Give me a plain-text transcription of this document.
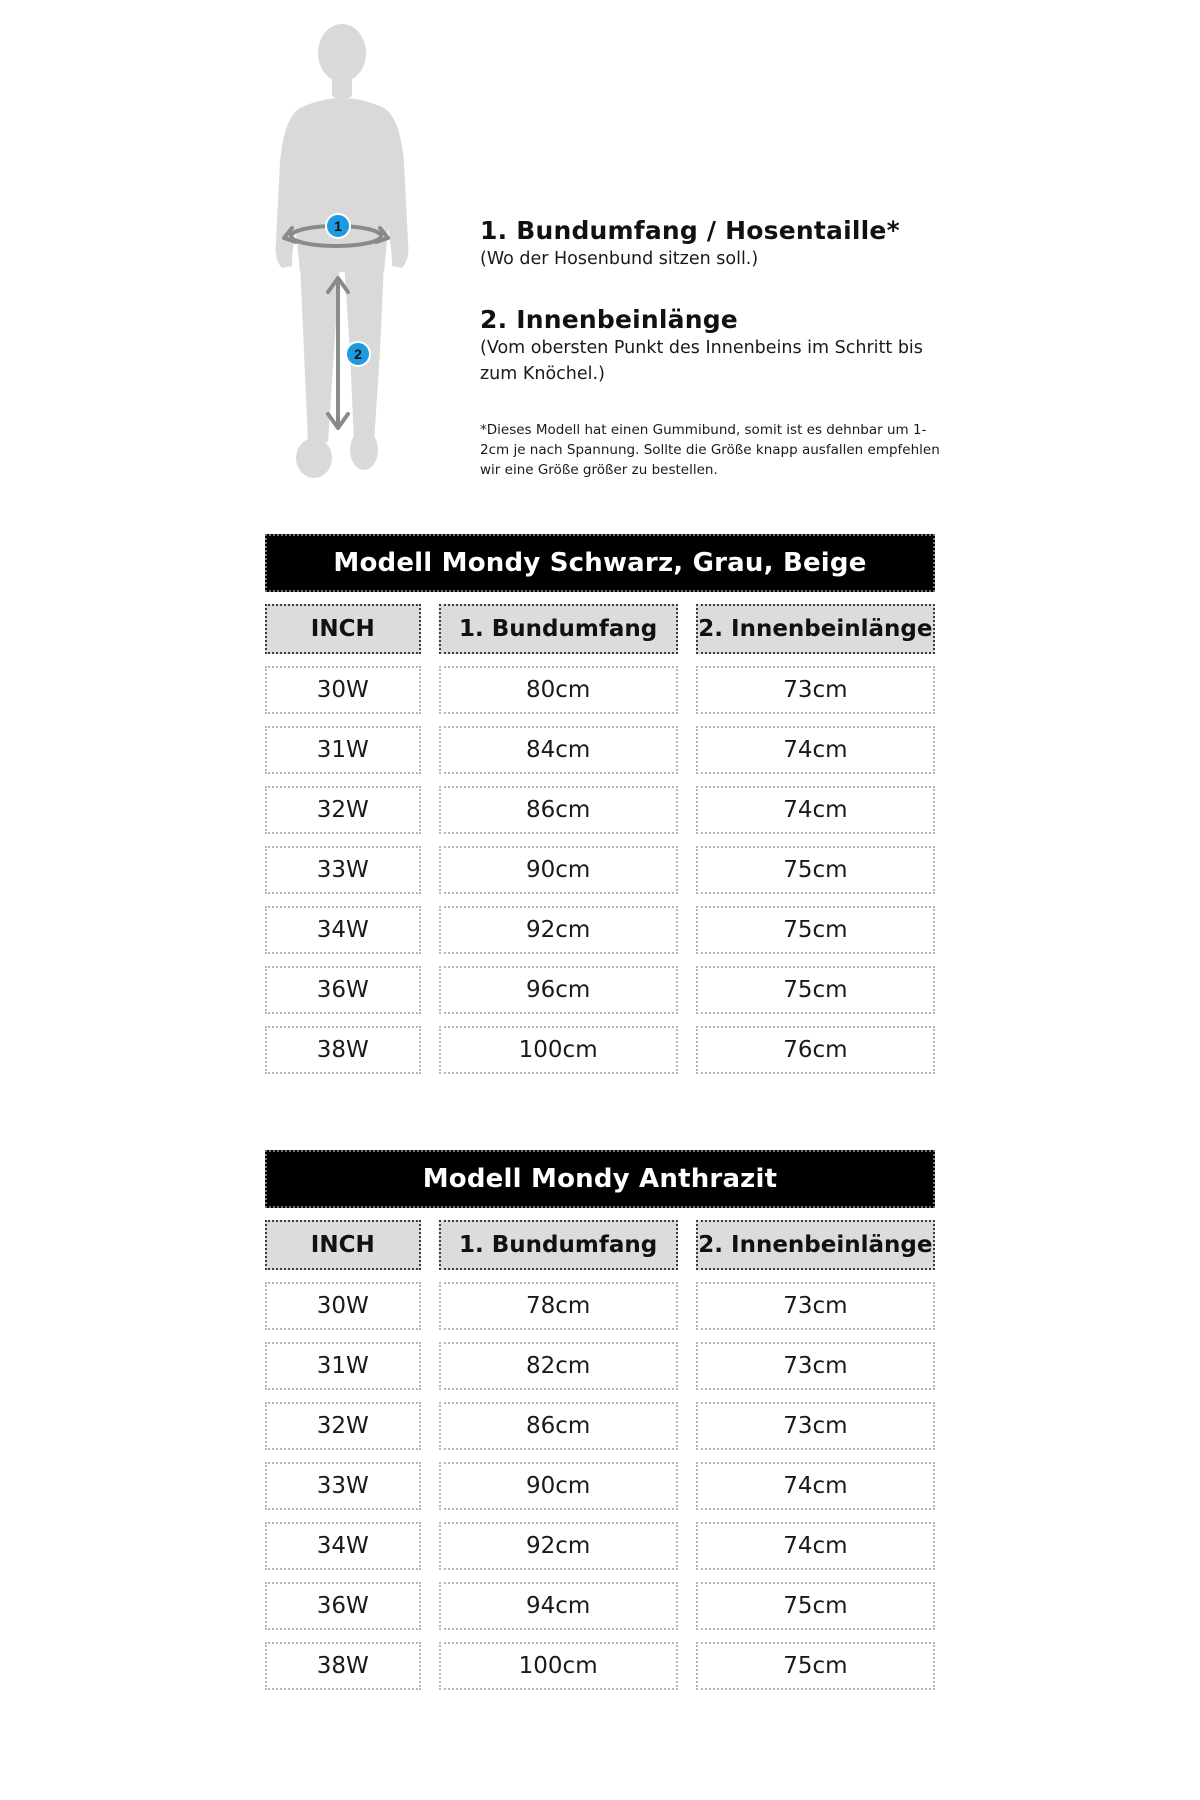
1
2
1. Bundumfang / Hosentaille*
(Wo der Hosenbund sitzen soll.)
2. Innenbeinlänge
(Vom obersten Punkt des Innenbeins im Schritt bis zum Knöchel.)
*Dieses Modell hat einen Gummibund, somit ist es dehnbar um 1-2cm je nach Spannung. Sollte die Größe knapp ausfallen empfehlen wir eine Größe größer zu bestellen.
Modell Mondy Schwarz, Grau, Beige
INCH	1. Bundumfang	2. Innenbeinlänge
30W	80cm	73cm
31W	84cm	74cm
32W	86cm	74cm
33W	90cm	75cm
34W	92cm	75cm
36W	96cm	75cm
38W	100cm	76cm
Modell Mondy Anthrazit
INCH	1. Bundumfang	2. Innenbeinlänge
30W	78cm	73cm
31W	82cm	73cm
32W	86cm	73cm
33W	90cm	74cm
34W	92cm	74cm
36W	94cm	75cm
38W	100cm	75cm
